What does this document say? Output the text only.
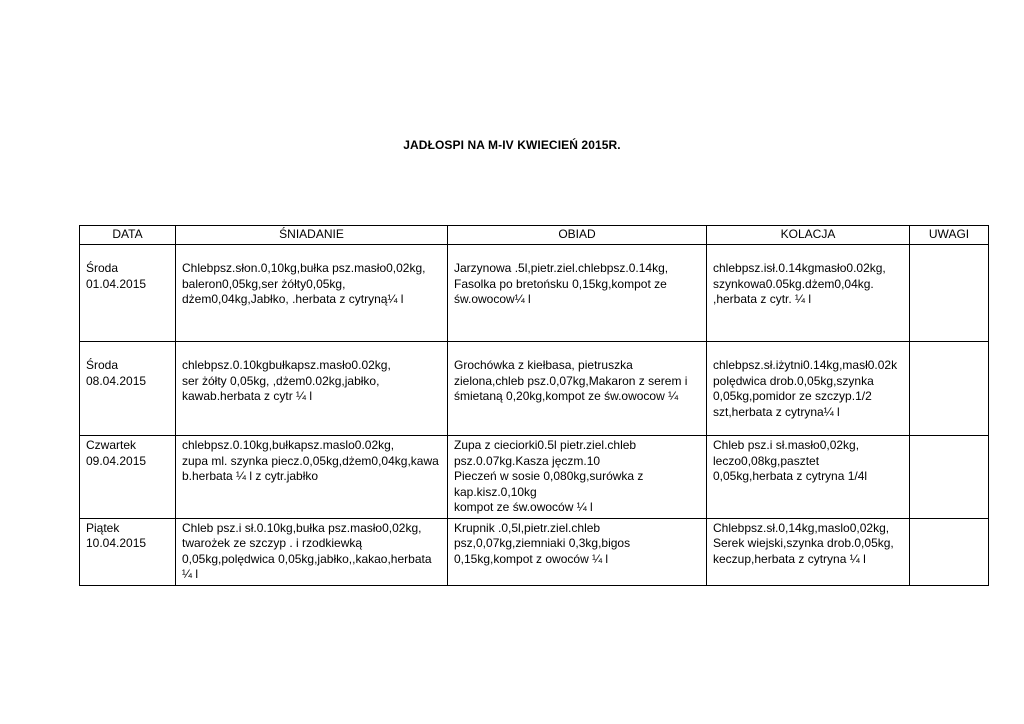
JADŁOSPI NA M-IV KWIECIEŃ 2015R.
DATA	ŚNIADANIE	OBIAD	KOLACJA	UWAGI
Środa
01.04.2015	Chlebpsz.słon.0,10kg,bułka psz.masło0,02kg,
baleron0,05kg,ser żółty0,05kg,
dżem0,04kg,Jabłko, .herbata z cytryną¼ l	Jarzynowa .5l,pietr.ziel.chlebpsz.0.14kg,
Fasolka po bretońsku 0,15kg,kompot ze
św.owocow¼ l	chlebpsz.isł.0.14kgmasło0.02kg,
szynkowa0.05kg.dżem0,04kg.
,herbata z cytr. ¼ l	
Środa
08.04.2015	chlebpsz.0.10kgbułkapsz.masło0.02kg,
ser żółty 0,05kg, ,dżem0.02kg,jabłko,
kawab.herbata z cytr ¼ l	Grochówka z kiełbasa, pietruszka
zielona,chleb psz.0,07kg,Makaron z serem i
śmietaną 0,20kg,kompot ze św.owocow ¼	chlebpsz.sł.iżytni0.14kg,masł0.02k
polędwica drob.0,05kg,szynka
0,05kg,pomidor ze szczyp.1/2
szt,herbata z cytryna¼ l	
Czwartek
09.04.2015	chlebpsz.0.10kg,bułkapsz.maslo0.02kg,
zupa ml. szynka piecz.0,05kg,dżem0,04kg,kawa
b.herbata ¼ l z cytr.jabłko	Zupa z cieciorki0.5l pietr.ziel.chleb
psz.0.07kg.Kasza jęczm.10
Pieczeń w sosie 0,080kg,surówka z
kap.kisz.0,10kg
kompot ze św.owoców ¼ l	Chleb psz.i sł.masło0,02kg,
leczo0,08kg,pasztet
0,05kg,herbata z cytryna 1/4l	
Piątek
10.04.2015	Chleb psz.i sł.0.10kg,bułka psz.masło0,02kg,
twarożek ze szczyp . i rzodkiewką
0,05kg,polędwica 0,05kg,jabłko,,kakao,herbata
¼ l	Krupnik .0,5l,pietr.ziel.chleb
psz,0,07kg,ziemniaki 0,3kg,bigos
0,15kg,kompot z owoców ¼ l	Chlebpsz.sł.0,14kg,maslo0,02kg,
Serek wiejski,szynka drob.0,05kg,
keczup,herbata z cytryna ¼ l	
